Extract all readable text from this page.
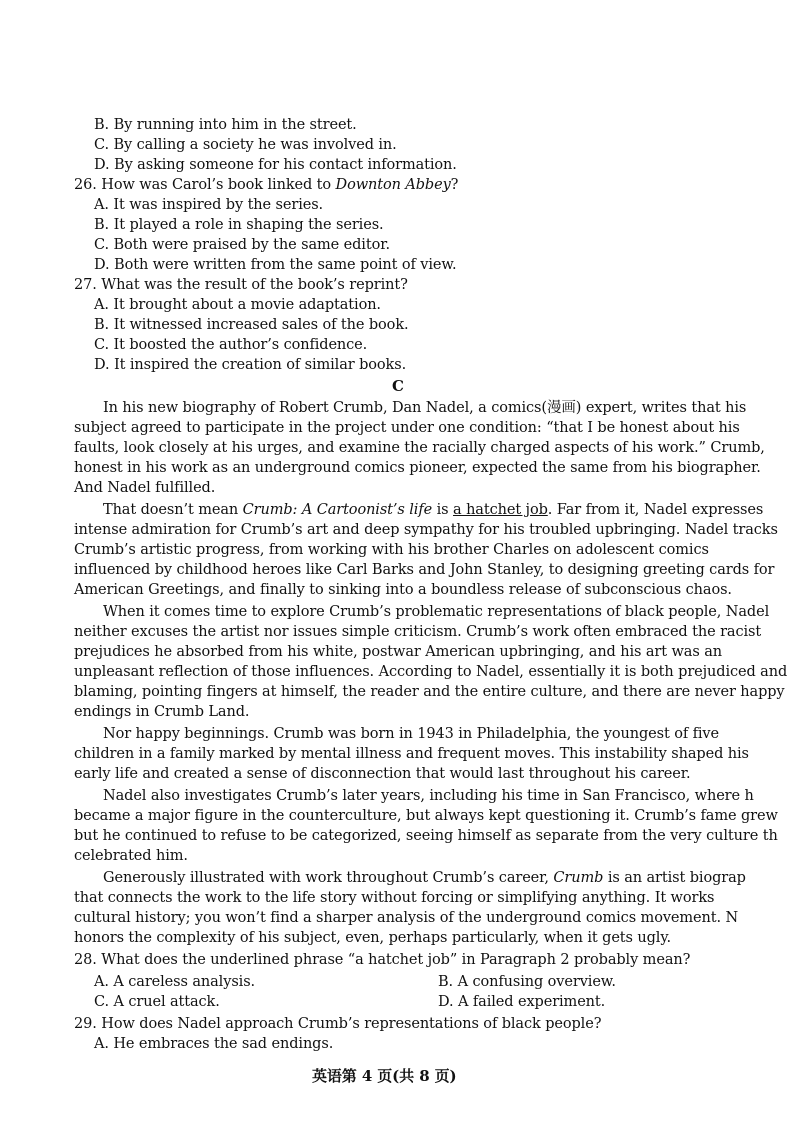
B. By running into him in the street.
C. By calling a society he was involved in.
D. By asking someone for his contact information.
26. How was Carol’s book linked to Downton Abbey?
A. It was inspired by the series.
B. It played a role in shaping the series.
C. Both were praised by the same editor.
D. Both were written from the same point of view.
27. What was the result of the book’s reprint?
A. It brought about a movie adaptation.
B. It witnessed increased sales of the book.
C. It boosted the author’s confidence.
D. It inspired the creation of similar books.
C
In his new biography of Robert Crumb, Dan Nadel, a comics(漫画) expert, writes that his
subject agreed to participate in the project under one condition: “that I be honest about his
faults, look closely at his urges, and examine the racially charged aspects of his work.” Crumb,
honest in his work as an underground comics pioneer, expected the same from his biographer.
And Nadel fulfilled.
That doesn’t mean Crumb: A Cartoonist’s life is a hatchet job. Far from it, Nadel expresses
intense admiration for Crumb’s art and deep sympathy for his troubled upbringing. Nadel tracks
Crumb’s artistic progress, from working with his brother Charles on adolescent comics
influenced by childhood heroes like Carl Barks and John Stanley, to designing greeting cards for
American Greetings, and finally to sinking into a boundless release of subconscious chaos.
When it comes time to explore Crumb’s problematic representations of black people, Nadel
neither excuses the artist nor issues simple criticism. Crumb’s work often embraced the racist
prejudices he absorbed from his white, postwar American upbringing, and his art was an
unpleasant reflection of those influences. According to Nadel, essentially it is both prejudiced and
blaming, pointing fingers at himself, the reader and the entire culture, and there are never happy
endings in Crumb Land.
Nor happy beginnings. Crumb was born in 1943 in Philadelphia, the youngest of five
children in a family marked by mental illness and frequent moves. This instability shaped his
early life and created a sense of disconnection that would last throughout his career.
Nadel also investigates Crumb’s later years, including his time in San Francisco, where h
became a major figure in the counterculture, but always kept questioning it. Crumb’s fame grew
but he continued to refuse to be categorized, seeing himself as separate from the very culture th
celebrated him.
Generously illustrated with work throughout Crumb’s career, Crumb is an artist biograp
that connects the work to the life story without forcing or simplifying anything. It works
cultural history; you won’t find a sharper analysis of the underground comics movement. N
honors the complexity of his subject, even, perhaps particularly, when it gets ugly.
28. What does the underlined phrase “a hatchet job” in Paragraph 2 probably mean?
A. A careless analysis.	B. A confusing overview.
C. A cruel attack.	D. A failed experiment.
29. How does Nadel approach Crumb’s representations of black people?
A. He embraces the sad endings.
英语第 4 页(共 8 页)
